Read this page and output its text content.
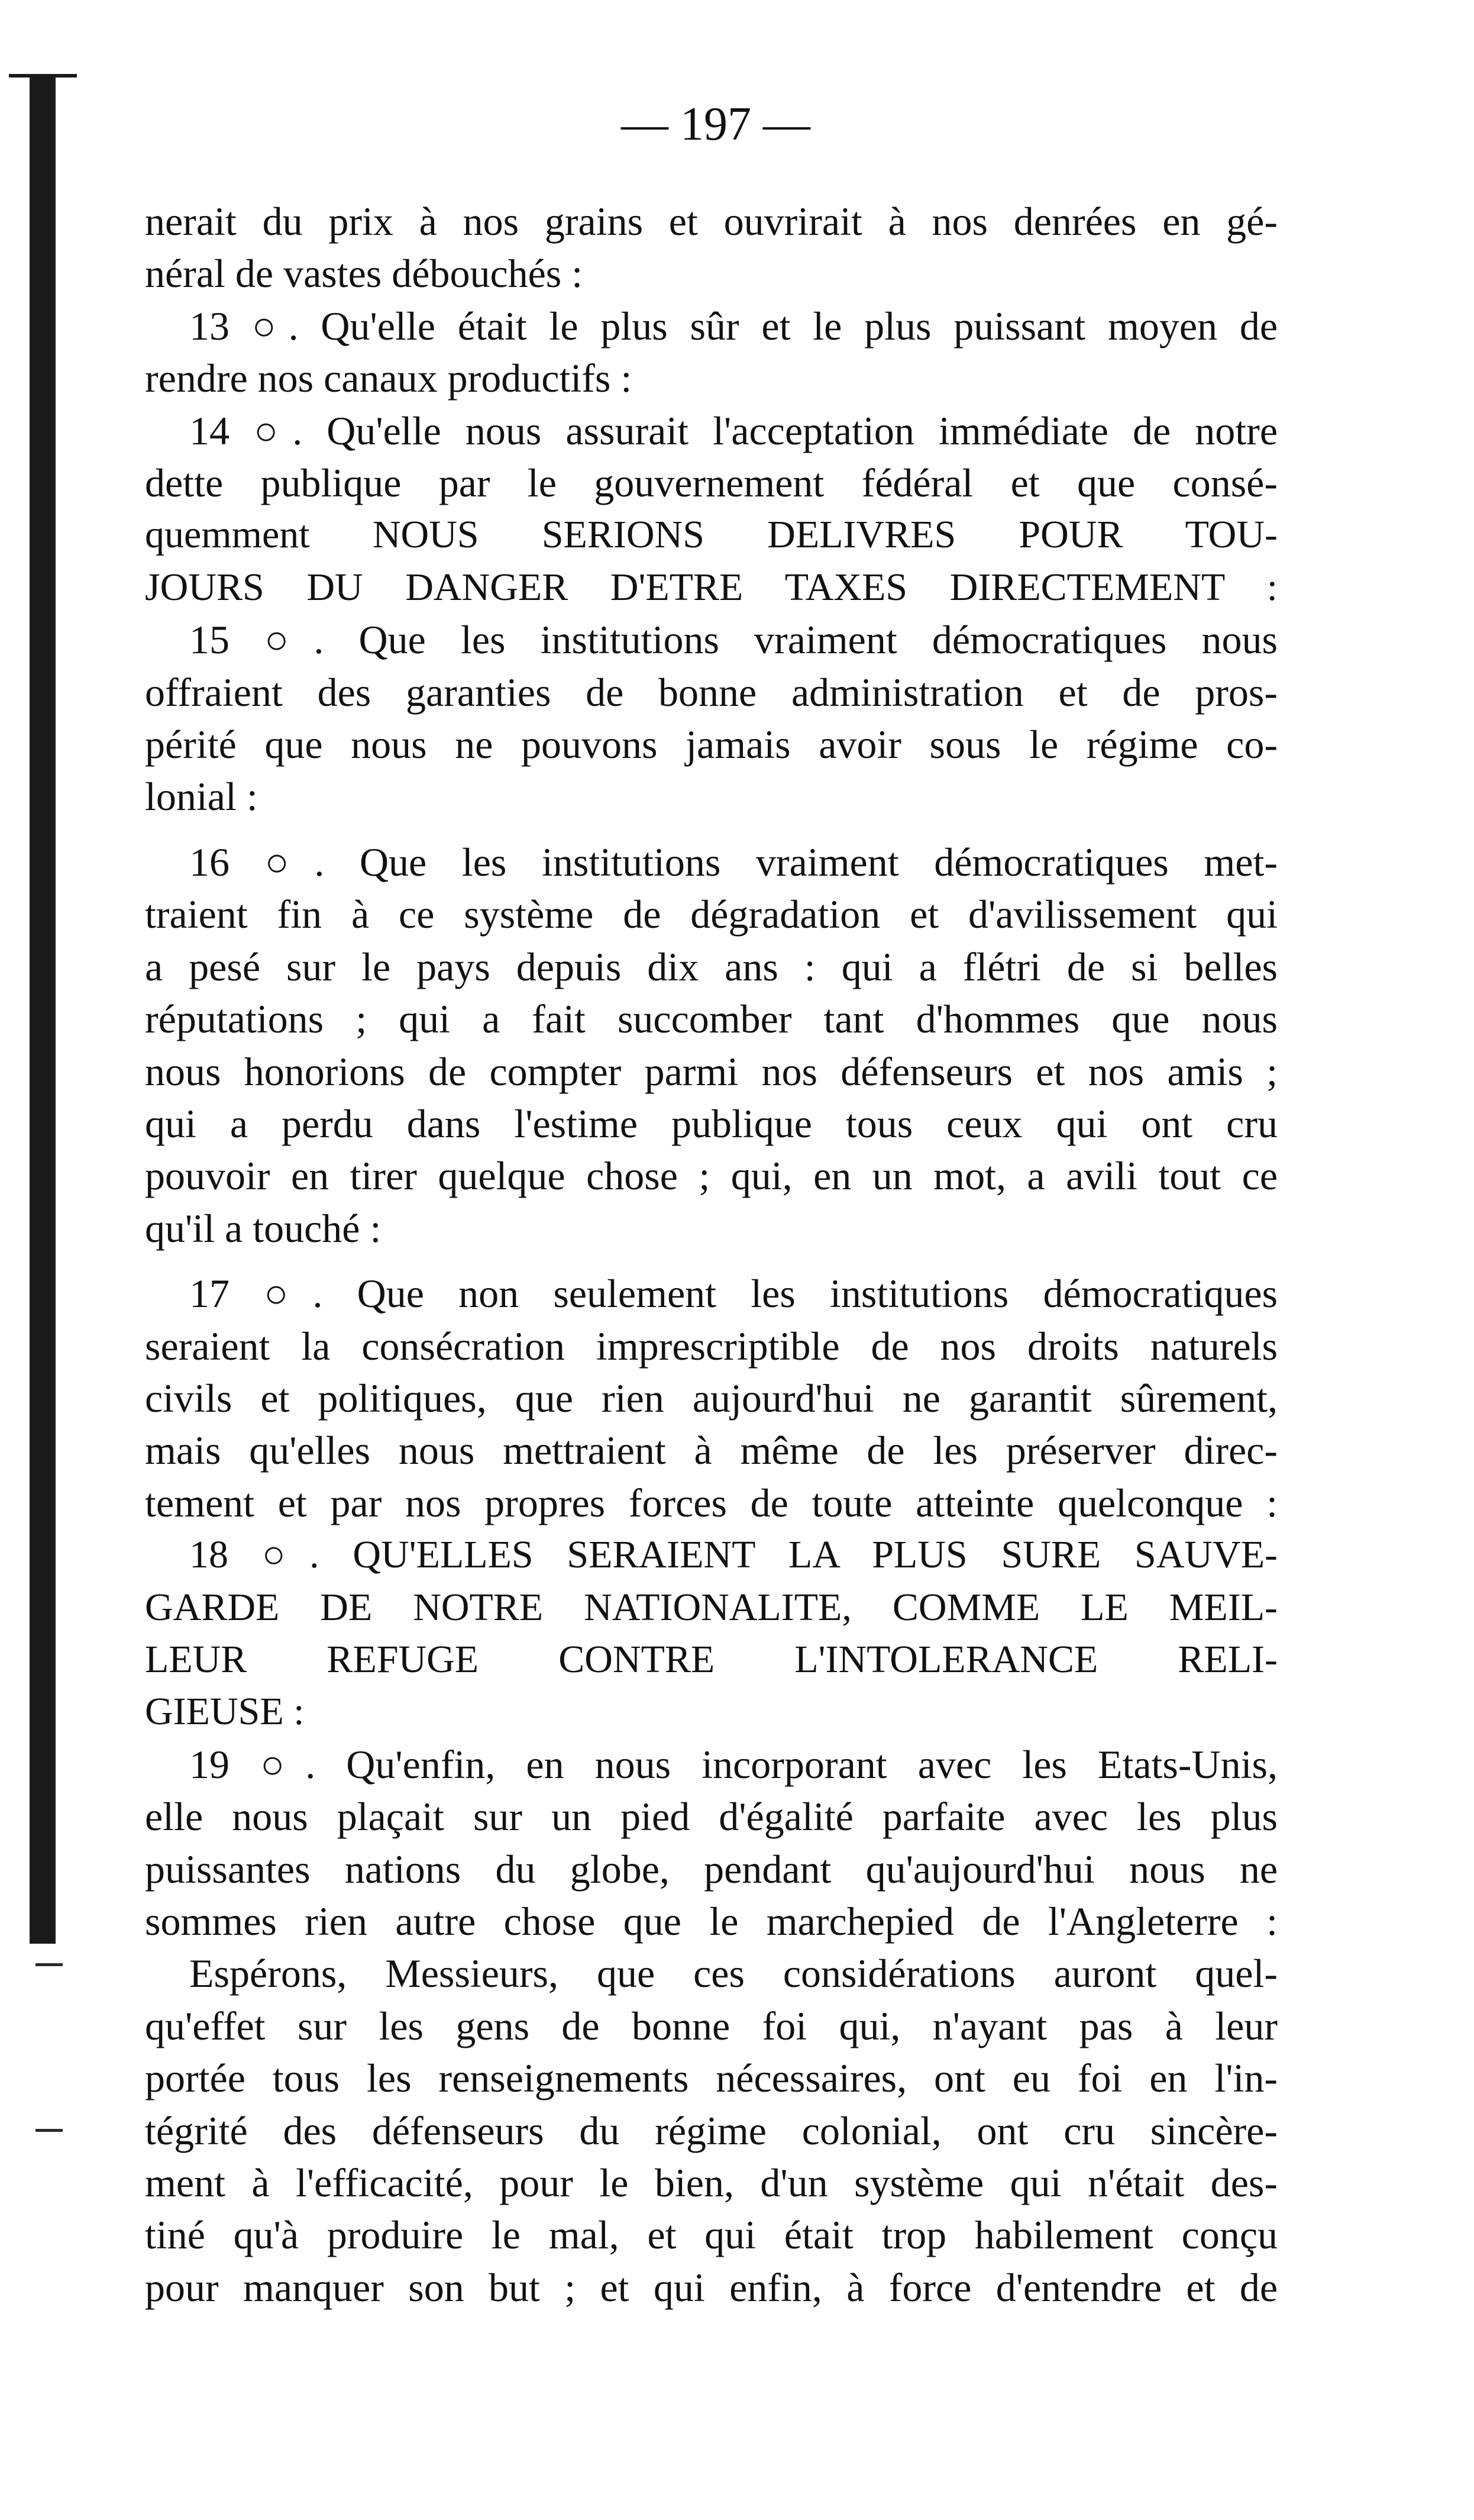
— 197 —
nerait du prix à nos grains et ouvrirait à nos denrées en gé-
néral de vastes débouchés :
13 ○. Qu'elle était le plus sûr et le plus puissant moyen de
rendre nos canaux productifs :
14 ○. Qu'elle nous assurait l'acceptation immédiate de notre
dette publique par le gouvernement fédéral et que consé-
quemment NOUS SERIONS DELIVRES POUR TOU-
JOURS DU DANGER D'ETRE TAXES DIRECTEMENT :
15 ○. Que les institutions vraiment démocratiques nous
offraient des garanties de bonne administration et de pros-
périté que nous ne pouvons jamais avoir sous le régime co-
lonial :
16 ○. Que les institutions vraiment démocratiques met-
traient fin à ce système de dégradation et d'avilissement qui
a pesé sur le pays depuis dix ans : qui a flétri de si belles
réputations ; qui a fait succomber tant d'hommes que nous
nous honorions de compter parmi nos défenseurs et nos amis ;
qui a perdu dans l'estime publique tous ceux qui ont cru
pouvoir en tirer quelque chose ; qui, en un mot, a avili tout ce
qu'il a touché :
17 ○. Que non seulement les institutions démocratiques
seraient la consécration imprescriptible de nos droits naturels
civils et politiques, que rien aujourd'hui ne garantit sûrement,
mais qu'elles nous mettraient à même de les préserver direc-
tement et par nos propres forces de toute atteinte quelconque :
18 ○. QU'ELLES SERAIENT LA PLUS SURE SAUVE-
GARDE DE NOTRE NATIONALITE, COMME LE MEIL-
LEUR REFUGE CONTRE L'INTOLERANCE RELI-
GIEUSE :
19 ○. Qu'enfin, en nous incorporant avec les Etats-Unis,
elle nous plaçait sur un pied d'égalité parfaite avec les plus
puissantes nations du globe, pendant qu'aujourd'hui nous ne
sommes rien autre chose que le marchepied de l'Angleterre :
Espérons, Messieurs, que ces considérations auront quel-
qu'effet sur les gens de bonne foi qui, n'ayant pas à leur
portée tous les renseignements nécessaires, ont eu foi en l'in-
tégrité des défenseurs du régime colonial, ont cru sincère-
ment à l'efficacité, pour le bien, d'un système qui n'était des-
tiné qu'à produire le mal, et qui était trop habilement conçu
pour manquer son but ; et qui enfin, à force d'entendre et de
